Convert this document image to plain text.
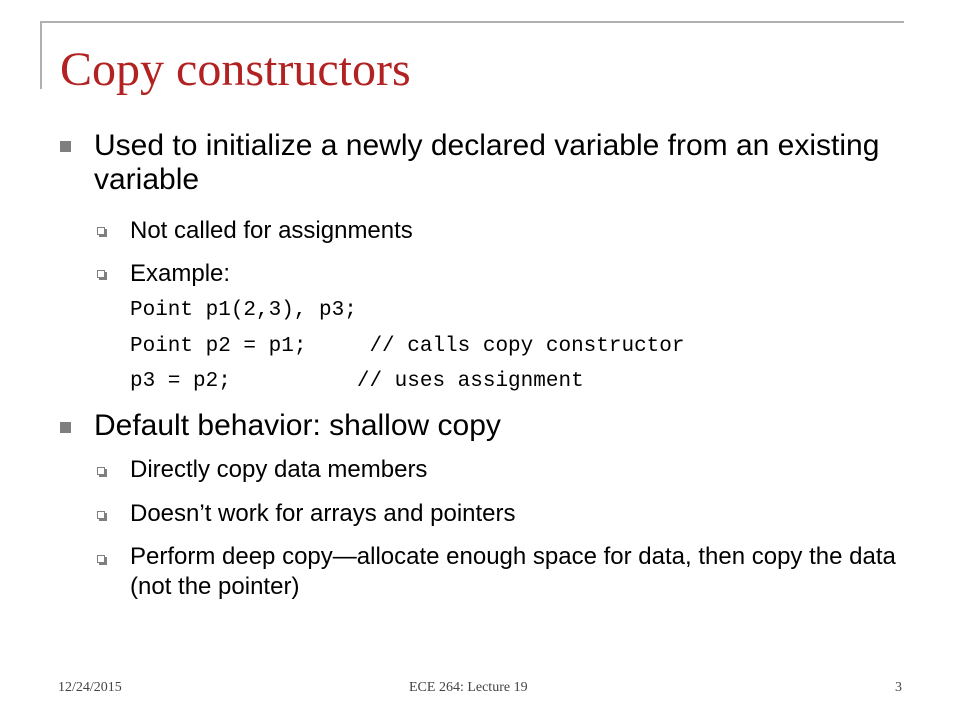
Copy constructors
Used to initialize a newly declared variable from an existing variable
Not called for assignments
Example:
Point p1(2,3), p3;
Point p2 = p1;     // calls copy constructor
p3 = p2;          // uses assignment
Default behavior: shallow copy
Directly copy data members
Doesn’t work for arrays and pointers
Perform deep copy—allocate enough space for data, then copy the data (not the pointer)
12/24/2015	ECE 264: Lecture 19	3
